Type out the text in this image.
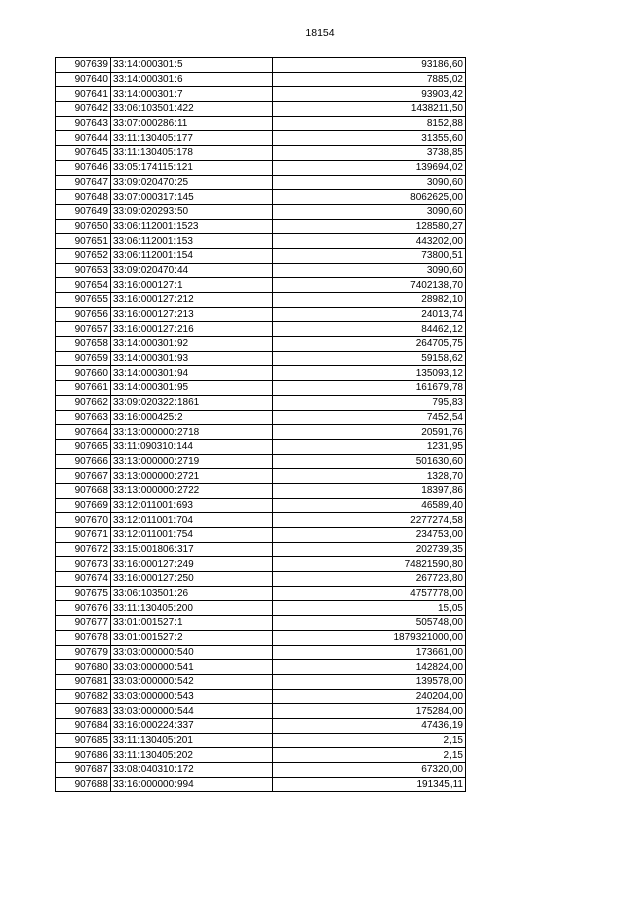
18154
907639	33:14:000301:5	93186,60
907640	33:14:000301:6	7885,02
907641	33:14:000301:7	93903,42
907642	33:06:103501:422	1438211,50
907643	33:07:000286:11	8152,88
907644	33:11:130405:177	31355,60
907645	33:11:130405:178	3738,85
907646	33:05:174115:121	139694,02
907647	33:09:020470:25	3090,60
907648	33:07:000317:145	8062625,00
907649	33:09:020293:50	3090,60
907650	33:06:112001:1523	128580,27
907651	33:06:112001:153	443202,00
907652	33:06:112001:154	73800,51
907653	33:09:020470:44	3090,60
907654	33:16:000127:1	7402138,70
907655	33:16:000127:212	28982,10
907656	33:16:000127:213	24013,74
907657	33:16:000127:216	84462,12
907658	33:14:000301:92	264705,75
907659	33:14:000301:93	59158,62
907660	33:14:000301:94	135093,12
907661	33:14:000301:95	161679,78
907662	33:09:020322:1861	795,83
907663	33:16:000425:2	7452,54
907664	33:13:000000:2718	20591,76
907665	33:11:090310:144	1231,95
907666	33:13:000000:2719	501630,60
907667	33:13:000000:2721	1328,70
907668	33:13:000000:2722	18397,86
907669	33:12:011001:693	46589,40
907670	33:12:011001:704	2277274,58
907671	33:12:011001:754	234753,00
907672	33:15:001806:317	202739,35
907673	33:16:000127:249	74821590,80
907674	33:16:000127:250	267723,80
907675	33:06:103501:26	4757778,00
907676	33:11:130405:200	15,05
907677	33:01:001527:1	505748,00
907678	33:01:001527:2	1879321000,00
907679	33:03:000000:540	173661,00
907680	33:03:000000:541	142824,00
907681	33:03:000000:542	139578,00
907682	33:03:000000:543	240204,00
907683	33:03:000000:544	175284,00
907684	33:16:000224:337	47436,19
907685	33:11:130405:201	2,15
907686	33:11:130405:202	2,15
907687	33:08:040310:172	67320,00
907688	33:16:000000:994	191345,11
